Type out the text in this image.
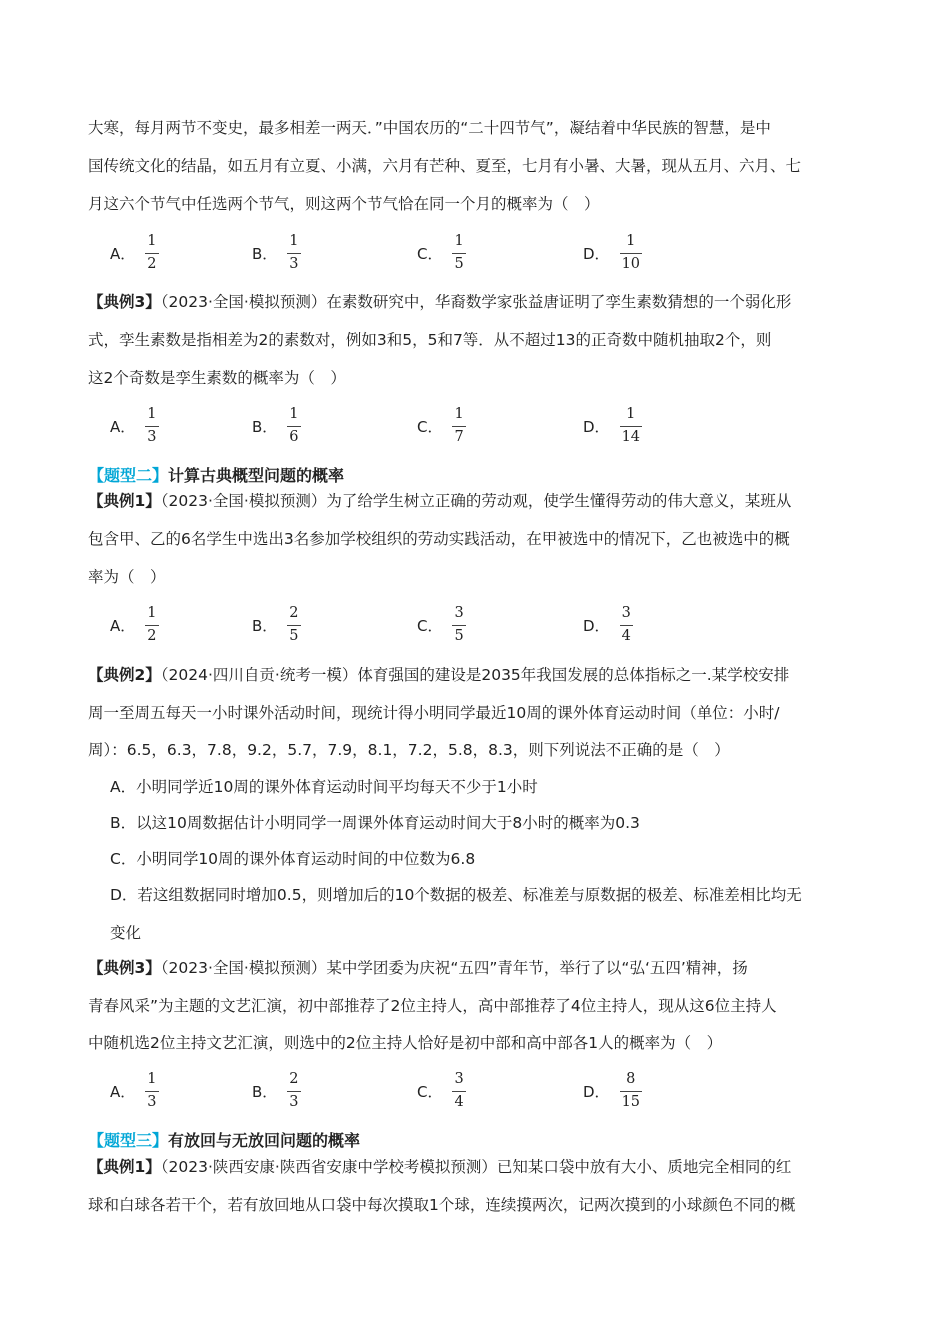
大寒，每月两节不变史，最多相差一两天．”中国农历的“二十四节气”，凝结着中华民族的智慧，是中
国传统文化的结晶，如五月有立夏、小满，六月有芒种、夏至，七月有小暑、大暑，现从五月、六月、七
月这六个节气中任选两个节气，则这两个节气恰在同一个月的概率为（　）
A． $\frac{1}{2}$	B． $\frac{1}{3}$	C． $\frac{1}{5}$	D． $\frac{1}{10}$
【典例3】（2023·全国·模拟预测）在素数研究中，华裔数学家张益唐证明了孪生素数猜想的一个弱化形
式，孪生素数是指相差为2的素数对，例如3和5，5和7等．从不超过13的正奇数中随机抽取2个，则
这2个奇数是孪生素数的概率为（　）
A． $\frac{1}{3}$	B． $\frac{1}{6}$	C． $\frac{1}{7}$	D． $\frac{1}{14}$
【题型二】计算古典概型问题的概率
【典例1】（2023·全国·模拟预测）为了给学生树立正确的劳动观，使学生懂得劳动的伟大意义，某班从
包含甲、乙的6名学生中选出3名参加学校组织的劳动实践活动，在甲被选中的情况下，乙也被选中的概
率为（　）
A． $\frac{1}{2}$	B． $\frac{2}{5}$	C． $\frac{3}{5}$	D． $\frac{3}{4}$
【典例2】（2024·四川自贡·统考一模）体育强国的建设是2035年我国发展的总体指标之一.某学校安排
周一至周五每天一小时课外活动时间，现统计得小明同学最近10周的课外体育运动时间（单位：小时/
周）：6.5，6.3，7.8，9.2，5.7，7.9，8.1，7.2，5.8，8.3，则下列说法不正确的是（　）
A．小明同学近10周的课外体育运动时间平均每天不少于1小时
B．以这10周数据估计小明同学一周课外体育运动时间大于8小时的概率为0.3
C．小明同学10周的课外体育运动时间的中位数为6.8
D．若这组数据同时增加0.5，则增加后的10个数据的极差、标准差与原数据的极差、标准差相比均无
变化
【典例3】（2023·全国·模拟预测）某中学团委为庆祝“五四”青年节，举行了以“弘‘五四’精神，扬
青春风采”为主题的文艺汇演，初中部推荐了2位主持人，高中部推荐了4位主持人，现从这6位主持人
中随机选2位主持文艺汇演，则选中的2位主持人恰好是初中部和高中部各1人的概率为（　）
A． $\frac{1}{3}$	B． $\frac{2}{3}$	C． $\frac{3}{4}$	D． $\frac{8}{15}$
【题型三】有放回与无放回问题的概率
【典例1】（2023·陕西安康·陕西省安康中学校考模拟预测）已知某口袋中放有大小、质地完全相同的红
球和白球各若干个，若有放回地从口袋中每次摸取1个球，连续摸两次，记两次摸到的小球颜色不同的概
